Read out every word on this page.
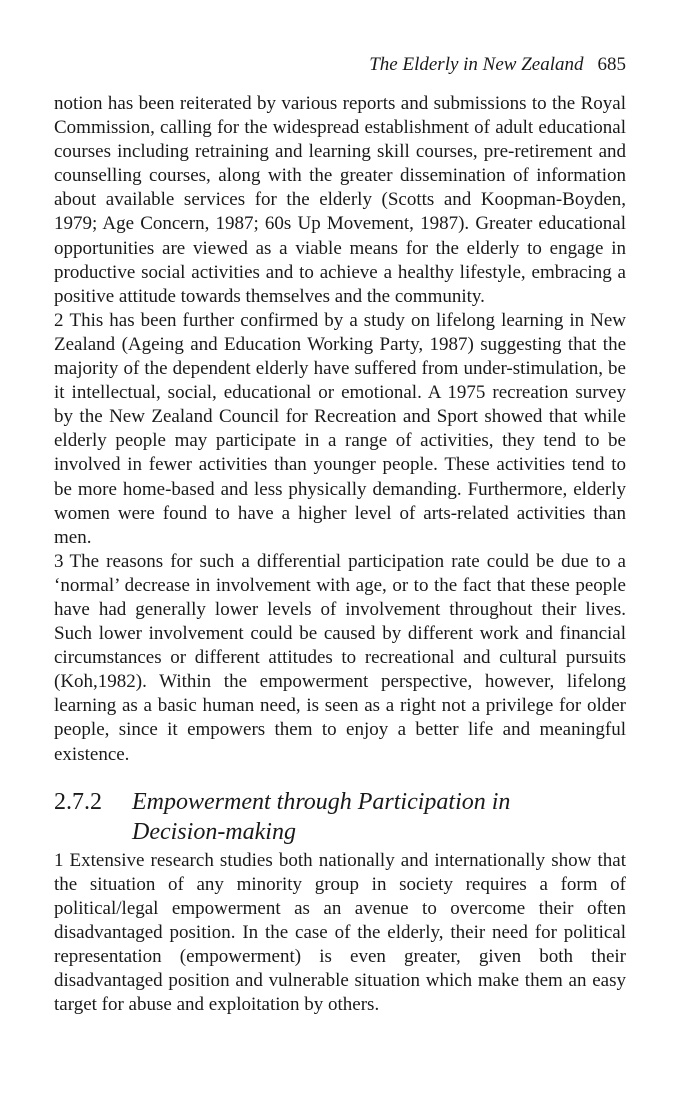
The Elderly in New Zealand 685

notion has been reiterated by various reports and submissions to the Royal Commission, calling for the widespread establishment of adult educational courses including retraining and learning skill courses, pre-retirement and counselling courses, along with the greater dissemination of information about available services for the elderly (Scotts and Koopman-Boyden, 1979; Age Concern, 1987; 60s Up Movement, 1987). Greater educational opportunities are viewed as a viable means for the elderly to engage in productive social activities and to achieve a healthy lifestyle, embracing a positive attitude towards themselves and the community.

2 This has been further confirmed by a study on lifelong learning in New Zealand (Ageing and Education Working Party, 1987) suggesting that the majority of the dependent elderly have suffered from under-stimulation, be it intellectual, social, educational or emotional. A 1975 recreation survey by the New Zealand Council for Recreation and Sport showed that while elderly people may participate in a range of activities, they tend to be involved in fewer activities than younger people. These activities tend to be more home-based and less physically demanding. Furthermore, elderly women were found to have a higher level of arts-related activities than men.

3 The reasons for such a differential participation rate could be due to a ‘normal’ decrease in involvement with age, or to the fact that these people have had generally lower levels of involvement throughout their lives. Such lower involvement could be caused by different work and financial circumstances or different attitudes to recreational and cultural pursuits (Koh,1982). Within the empowerment perspective, however, lifelong learning as a basic human need, is seen as a right not a privilege for older people, since it empowers them to enjoy a better life and meaningful existence.

2.7.2	Empowerment through Participation in Decision-making

1 Extensive research studies both nationally and internationally show that the situation of any minority group in society requires a form of political/legal empowerment as an avenue to overcome their often disadvantaged position. In the case of the elderly, their need for political representation (empowerment) is even greater, given both their disadvantaged position and vulnerable situation which make them an easy target for abuse and exploitation by others.
